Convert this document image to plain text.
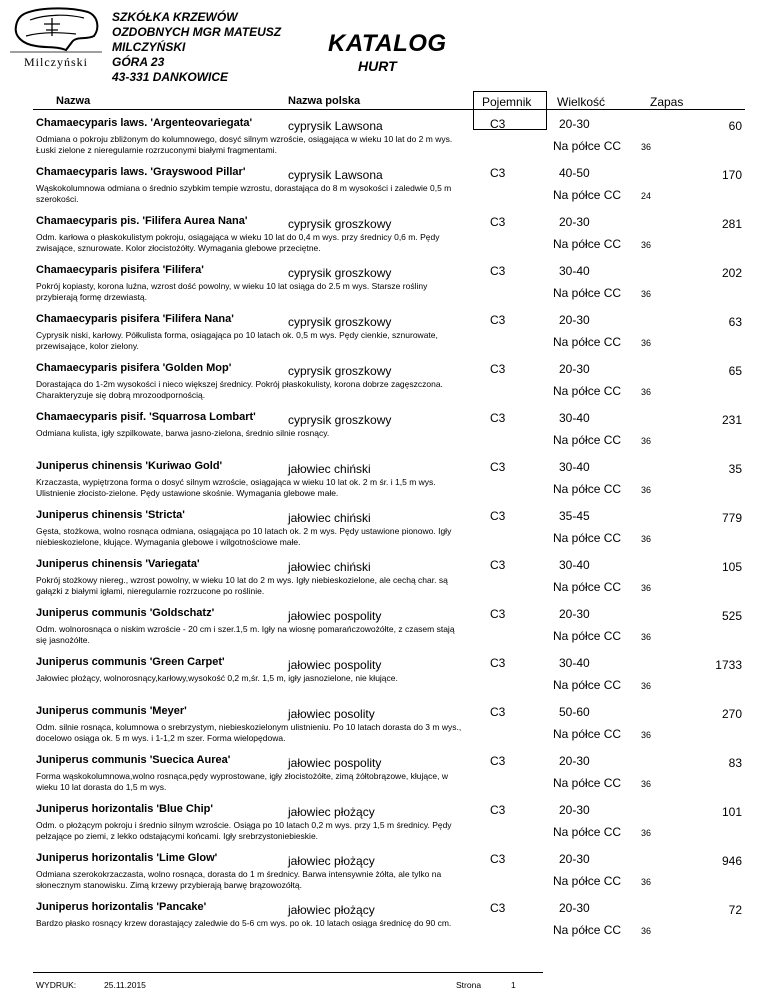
Milczyński
SZKÓŁKA KRZEWÓW
OZDOBNYCH MGR MATEUSZ
MILCZYŃSKI
GÓRA 23
43-331 DANKOWICE
KATALOG
HURT
Nazwa	Nazwa polska	Pojemnik Wielkość	Zapas
Chamaecyparis laws. 'Argenteovariegata'	cyprysik Lawsona	C3	20-30	60
Odmiana o pokroju zbliżonym do kolumnowego, dosyć silnym wzroście, osiągająca w wieku 10 lat do 2 m wys. Łuski zielone z nieregularnie rozrzuconymi białymi fragmentami.	Na półce CC 36
Chamaecyparis laws. 'Grayswood Pillar'	cyprysik Lawsona	C3	40-50	170
Wąskokolumnowa odmiana o średnio szybkim tempie wzrostu, dorastająca do 8 m wysokości i zaledwie 0,5 m szerokości.	Na półce CC 24
Chamaecyparis pis. 'Filifera Aurea Nana'	cyprysik groszkowy	C3	20-30	281
Odm. karłowa o płaskokulistym pokroju, osiągająca w wieku 10 lat do 0,4 m wys. przy średnicy 0,6 m. Pędy zwisające, sznurowate. Kolor złocistożółty. Wymagania glebowe przeciętne.	Na półce CC 36
Chamaecyparis pisifera 'Filifera'	cyprysik groszkowy	C3	30-40	202
Pokrój kopiasty, korona luźna, wzrost dość powolny, w wieku 10 lat osiąga do 2.5 m wys. Starsze rośliny przybierają formę drzewiastą.	Na półce CC 36
Chamaecyparis pisifera 'Filifera Nana'	cyprysik groszkowy	C3	20-30	63
Cyprysik niski, karłowy. Półkulista forma, osiągająca po 10 latach ok. 0,5 m wys. Pędy cienkie, sznurowate, przewisające, kolor zielony.	Na półce CC 36
Chamaecyparis pisifera 'Golden Mop'	cyprysik groszkowy	C3	20-30	65
Dorastająca do 1-2m wysokości i nieco większej średnicy. Pokrój płaskokulisty, korona dobrze zagęszczona. Charakteryzuje się dobrą mrozoodpornością.	Na półce CC 36
Chamaecyparis pisif. 'Squarrosa Lombart'	cyprysik groszkowy	C3	30-40	231
Odmiana kulista, igły szpilkowate, barwa jasno-zielona, średnio silnie rosnący.	Na półce CC 36
Juniperus chinensis 'Kuriwao Gold'	jałowiec chiński	C3	30-40	35
Krzaczasta, wypiętrzona forma o dosyć silnym wzroście, osiągająca w wieku 10 lat ok. 2 m śr. i 1,5 m wys. Ulistnienie złocisto-zielone. Pędy ustawione skośnie. Wymagania glebowe małe.	Na półce CC 36
Juniperus chinensis 'Stricta'	jałowiec chiński	C3	35-45	779
Gęsta, stożkowa, wolno rosnąca odmiana, osiągająca po 10 latach ok. 2 m wys. Pędy ustawione pionowo. Igły niebieskozielone, kłujące. Wymagania glebowe i wilgotnościowe małe.	Na półce CC 36
Juniperus chinensis 'Variegata'	jałowiec chiński	C3	30-40	105
Pokrój stożkowy niereg., wzrost powolny, w wieku 10 lat do 2 m wys. Igły niebieskozielone, ale cechą char. są gałązki z białymi igłami, nieregularnie rozrzucone po roślinie.	Na półce CC 36
Juniperus communis 'Goldschatz'	jałowiec pospolity	C3	20-30	525
Odm. wolnorosnąca o niskim wzroście - 20 cm i szer.1,5 m. Igły na wiosnę pomarańczowożółte, z czasem stają się jasnożółte.	Na półce CC 36
Juniperus communis 'Green Carpet'	jałowiec pospolity	C3	30-40	1733
Jałowiec płożący, wolnorosnący,karłowy,wysokość 0,2 m,śr. 1,5 m, igły jasnozielone, nie kłujące.	Na półce CC 36
Juniperus communis 'Meyer'	jałowiec posolity	C3	50-60	270
Odm. silnie rosnąca, kolumnowa o srebrzystym, niebieskozielonym ulistnieniu. Po 10 latach dorasta do 3 m wys., docelowo osiąga ok. 5 m wys. i 1-1,2 m szer. Forma wielopędowa.	Na półce CC 36
Juniperus communis 'Suecica Aurea'	jałowiec pospolity	C3	20-30	83
Forma wąskokolumnowa,wolno rosnąca,pędy wyprostowane, igły złocistożółte, zimą żółtobrązowe, kłujące, w wieku 10 lat dorasta do 1,5 m wys.	Na półce CC 36
Juniperus horizontalis 'Blue Chip'	jałowiec płożący	C3	20-30	101
Odm. o płożącym pokroju i średnio silnym wzroście. Osiąga po 10 latach 0,2 m wys. przy 1,5 m średnicy. Pędy pełzające po ziemi, z lekko odstającymi końcami. Igły srebrzystoniebieskie.	Na półce CC 36
Juniperus horizontalis 'Lime Glow'	jałowiec płożący	C3	20-30	946
Odmiana szerokokrzaczasta, wolno rosnąca, dorasta do 1 m średnicy. Barwa intensywnie żółta, ale tylko na słonecznym stanowisku. Zimą krzewy przybierają barwę brązowozółtą.	Na półce CC 36
Juniperus horizontalis 'Pancake'	jałowiec płożący	C3	20-30	72
Bardzo płasko rosnący krzew dorastający zaledwie do 5-6 cm wys. po ok. 10 latach osiąga średnicę do 90 cm.	Na półce CC 36
WYDRUK:	25.11.2015	Strona	1
